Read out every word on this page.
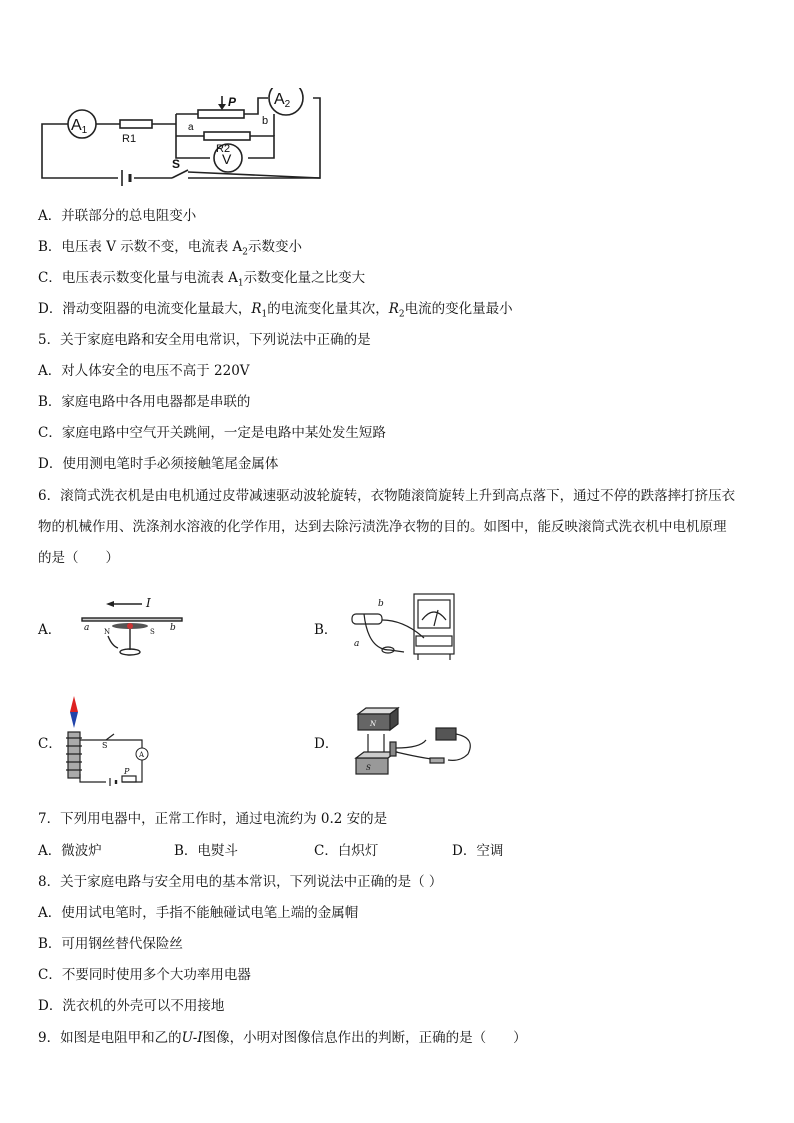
A1
A2
R1
R2
P
a
b
S	V
A．并联部分的总电阻变小
B．电压表 V 示数不变，电流表 $A_2$示数变小
C．电压表示数变化量与电流表 $A_1$示数变化量之比变大
D．滑动变阻器的电流变化量最大，$R_1$的电流变化量其次，$R_2$电流的变化量最小
5．关于家庭电路和安全用电常识，下列说法中正确的是
A．对人体安全的电压不高于 220V
B．家庭电路中各用电器都是串联的
C．家庭电路中空气开关跳闸，一定是电路中某处发生短路
D．使用测电笔时手必须接触笔尾金属体
6．滚筒式洗衣机是由电机通过皮带减速驱动波轮旋转，衣物随滚筒旋转上升到高点落下，通过不停的跌落摔打挤压衣
物的机械作用、洗涤剂水溶液的化学作用，达到去除污渍洗净衣物的目的。如图中，能反映滚筒式洗衣机中电机原理
的是（　　）
A．
I
a	b
N	S	B．
b
a
C．	S
A
P
D．
N
S
7．下列用电器中，正常工作时，通过电流约为 0.2 安的是
A．微波炉	B．电熨斗	C．白炽灯	D．空调
8．关于家庭电路与安全用电的基本常识，下列说法中正确的是（ ）
A．使用试电笔时，手指不能触碰试电笔上端的金属帽
B．可用钢丝替代保险丝
C．不要同时使用多个大功率用电器
D．洗衣机的外壳可以不用接地
9．如图是电阻甲和乙的U-I图像，小明对图像信息作出的判断，正确的是（　　）
